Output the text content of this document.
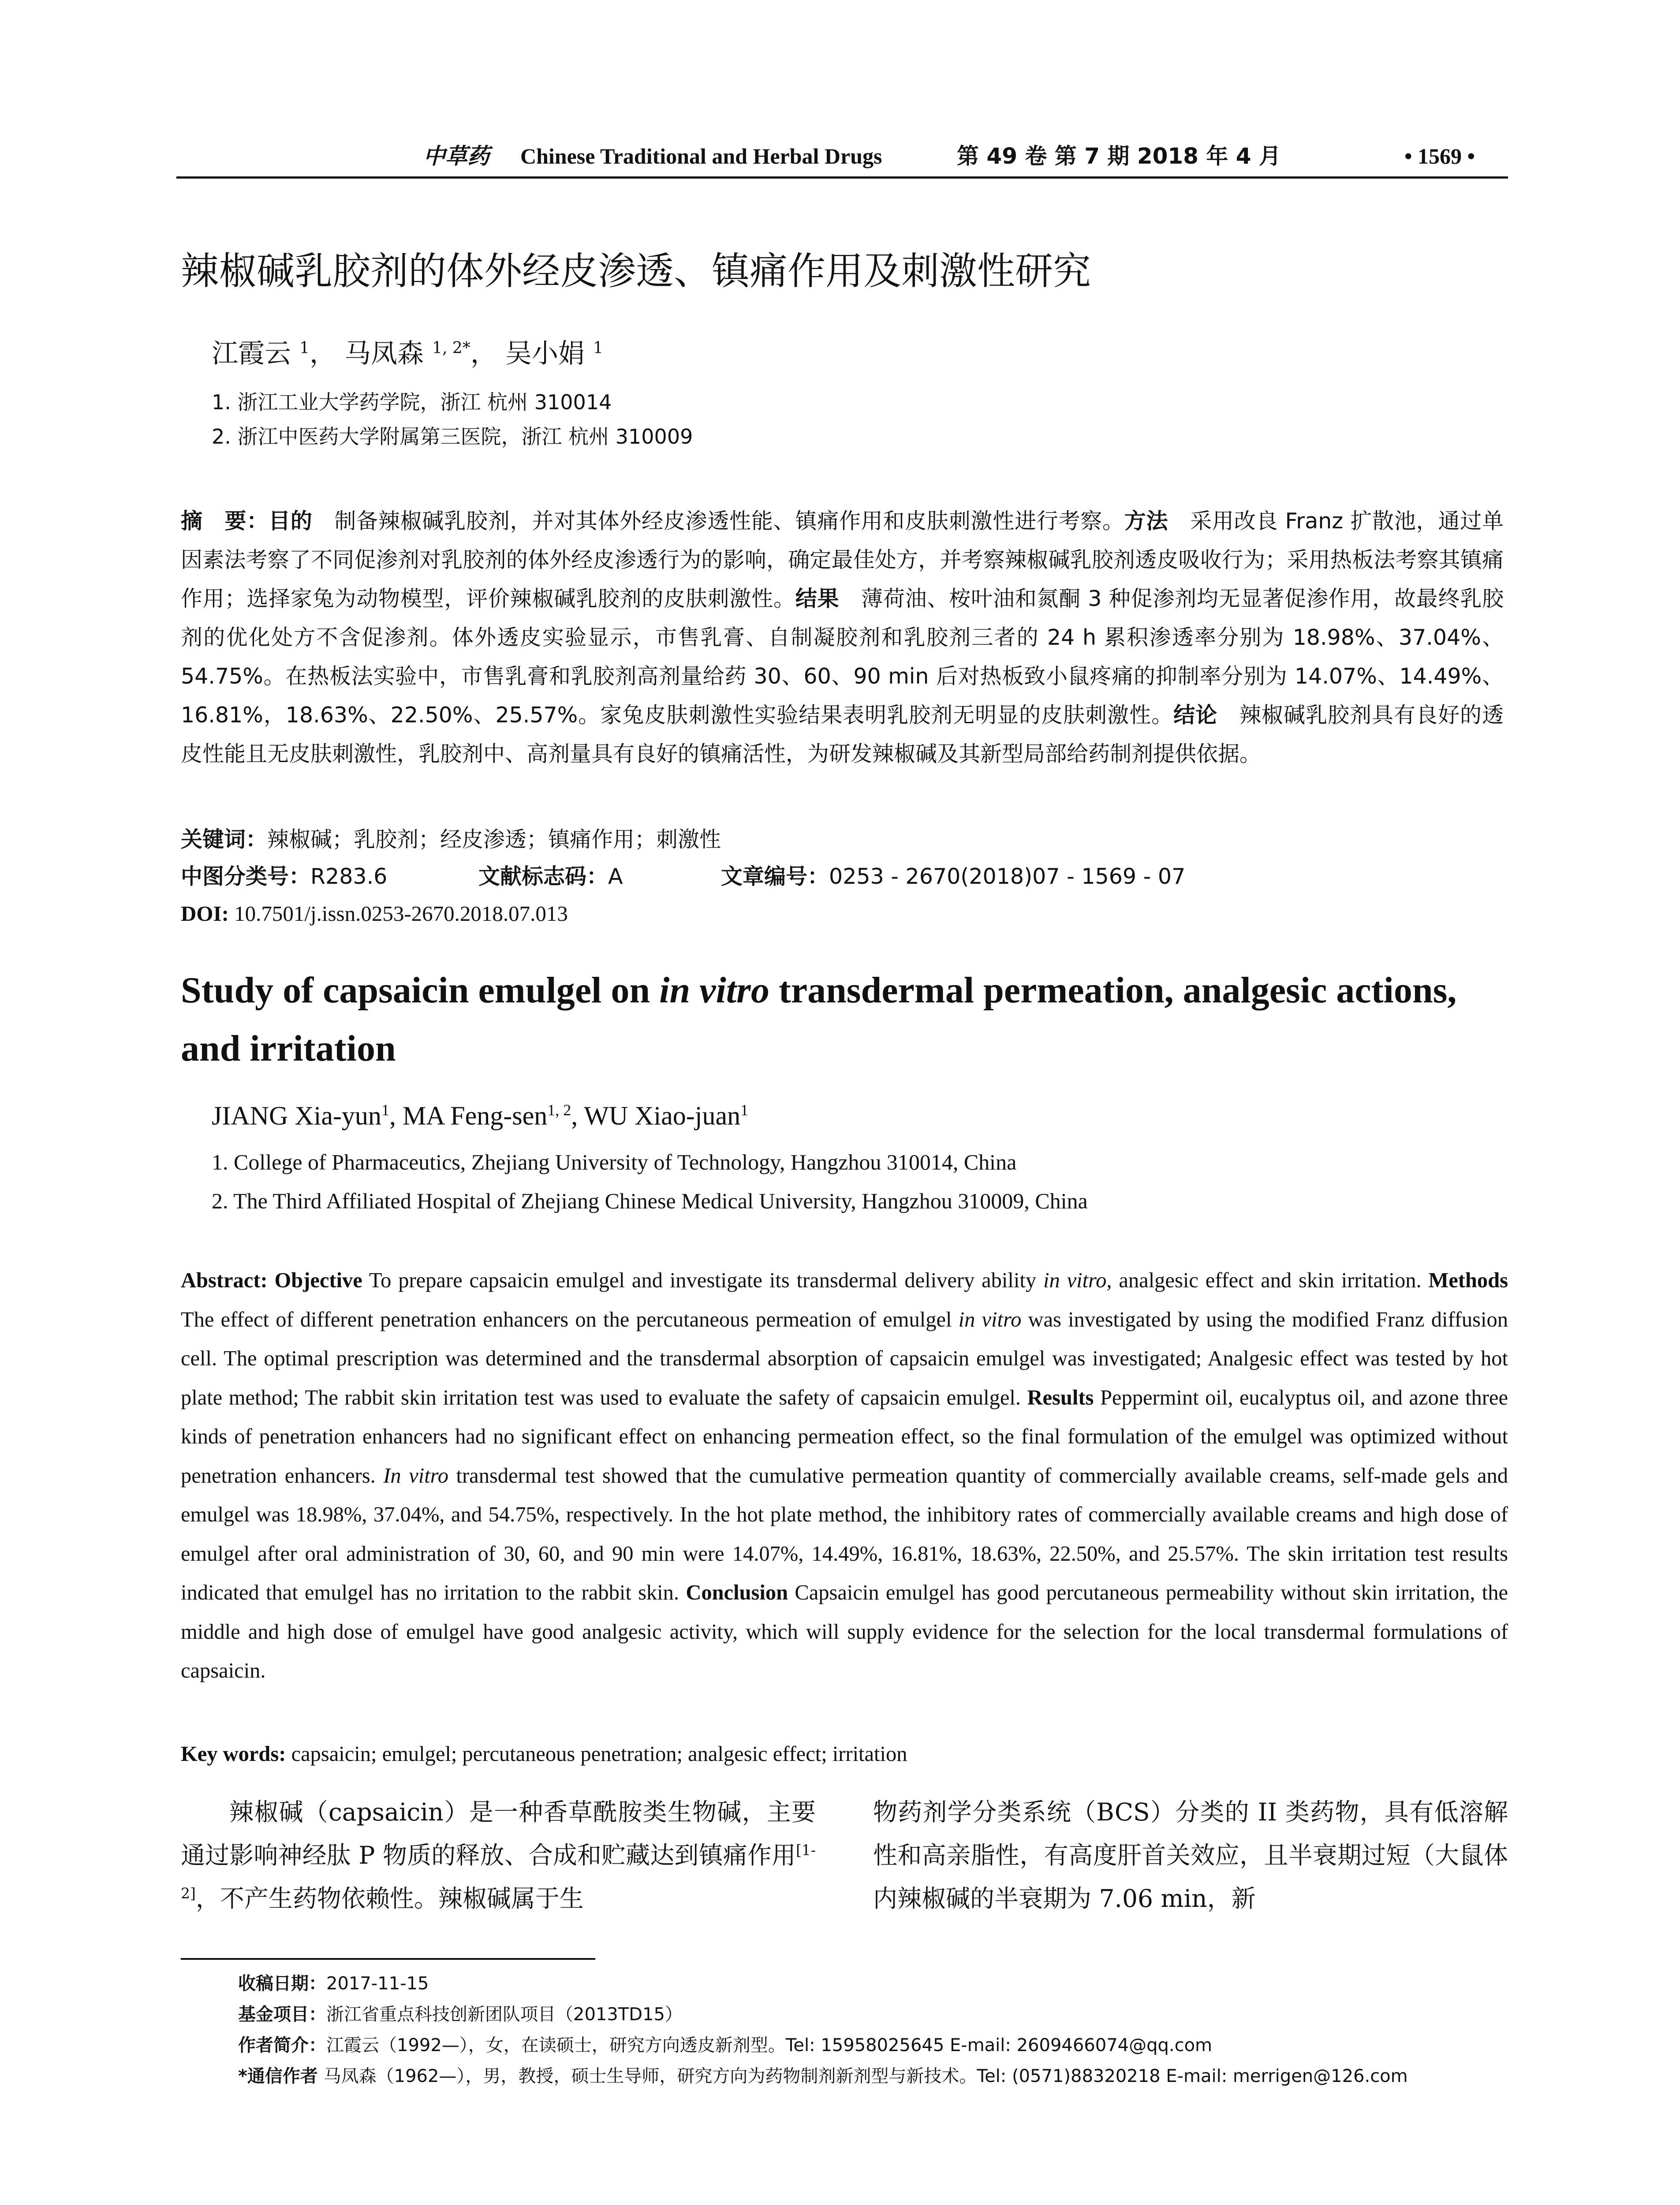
中草药 Chinese Traditional and Herbal Drugs	第 49 卷 第 7 期 2018 年 4 月	• 1569 •
辣椒碱乳胶剂的体外经皮渗透、镇痛作用及刺激性研究
江霞云 $^1$， 马凤森 $^{1, 2*}$， 吴小娟 $^1$
1. 浙江工业大学药学院，浙江 杭州 310014
2. 浙江中医药大学附属第三医院，浙江 杭州 310009
摘　要：目的　制备辣椒碱乳胶剂，并对其体外经皮渗透性能、镇痛作用和皮肤刺激性进行考察。方法　采用改良 Franz 扩散池，通过单因素法考察了不同促渗剂对乳胶剂的体外经皮渗透行为的影响，确定最佳处方，并考察辣椒碱乳胶剂透皮吸收行为；采用热板法考察其镇痛作用；选择家兔为动物模型，评价辣椒碱乳胶剂的皮肤刺激性。结果　薄荷油、桉叶油和氮酮 3 种促渗剂均无显著促渗作用，故最终乳胶剂的优化处方不含促渗剂。体外透皮实验显示，市售乳膏、自制凝胶剂和乳胶剂三者的 24 h 累积渗透率分别为 18.98%、37.04%、54.75%。在热板法实验中，市售乳膏和乳胶剂高剂量给药 30、60、90 min 后对热板致小鼠疼痛的抑制率分别为 14.07%、14.49%、16.81%，18.63%、22.50%、25.57%。家兔皮肤刺激性实验结果表明乳胶剂无明显的皮肤刺激性。结论　辣椒碱乳胶剂具有良好的透皮性能且无皮肤刺激性，乳胶剂中、高剂量具有良好的镇痛活性，为研发辣椒碱及其新型局部给药制剂提供依据。
关键词：辣椒碱；乳胶剂；经皮渗透；镇痛作用；刺激性
中图分类号：R283.6	文献标志码：A	文章编号：0253 - 2670(2018)07 - 1569 - 07
DOI: 10.7501/j.issn.0253-2670.2018.07.013
Study of capsaicin emulgel on in vitro transdermal permeation, analgesic actions, and irritation
JIANG Xia-yun$^1$, MA Feng-sen$^{1, 2}$, WU Xiao-juan$^1$
1. College of Pharmaceutics, Zhejiang University of Technology, Hangzhou 310014, China
2. The Third Affiliated Hospital of Zhejiang Chinese Medical University, Hangzhou 310009, China
Abstract: Objective To prepare capsaicin emulgel and investigate its transdermal delivery ability in vitro, analgesic effect and skin irritation. Methods The effect of different penetration enhancers on the percutaneous permeation of emulgel in vitro was investigated by using the modified Franz diffusion cell. The optimal prescription was determined and the transdermal absorption of capsaicin emulgel was investigated; Analgesic effect was tested by hot plate method; The rabbit skin irritation test was used to evaluate the safety of capsaicin emulgel. Results Peppermint oil, eucalyptus oil, and azone three kinds of penetration enhancers had no significant effect on enhancing permeation effect, so the final formulation of the emulgel was optimized without penetration enhancers. In vitro transdermal test showed that the cumulative permeation quantity of commercially available creams, self-made gels and emulgel was 18.98%, 37.04%, and 54.75%, respectively. In the hot plate method, the inhibitory rates of commercially available creams and high dose of emulgel after oral administration of 30, 60, and 90 min were 14.07%, 14.49%, 16.81%, 18.63%, 22.50%, and 25.57%. The skin irritation test results indicated that emulgel has no irritation to the rabbit skin. Conclusion Capsaicin emulgel has good percutaneous permeability without skin irritation, the middle and high dose of emulgel have good analgesic activity, which will supply evidence for the selection for the local transdermal formulations of capsaicin.
Key words: capsaicin; emulgel; percutaneous penetration; analgesic effect; irritation
辣椒碱（capsaicin）是一种香草酰胺类生物碱，主要通过影响神经肽 P 物质的释放、合成和贮藏达到镇痛作用[1-2]，不产生药物依赖性。辣椒碱属于生
物药剂学分类系统（BCS）分类的 II 类药物，具有低溶解性和高亲脂性，有高度肝首关效应，且半衰期过短（大鼠体内辣椒碱的半衰期为 7.06 min，新
收稿日期：2017-11-15
基金项目：浙江省重点科技创新团队项目（2013TD15）
作者简介：江霞云（1992—），女，在读硕士，研究方向透皮新剂型。Tel: 15958025645 E-mail: 2609466074@qq.com
*通信作者 马凤森（1962—），男，教授，硕士生导师，研究方向为药物制剂新剂型与新技术。Tel: (0571)88320218 E-mail: merrigen@126.com
